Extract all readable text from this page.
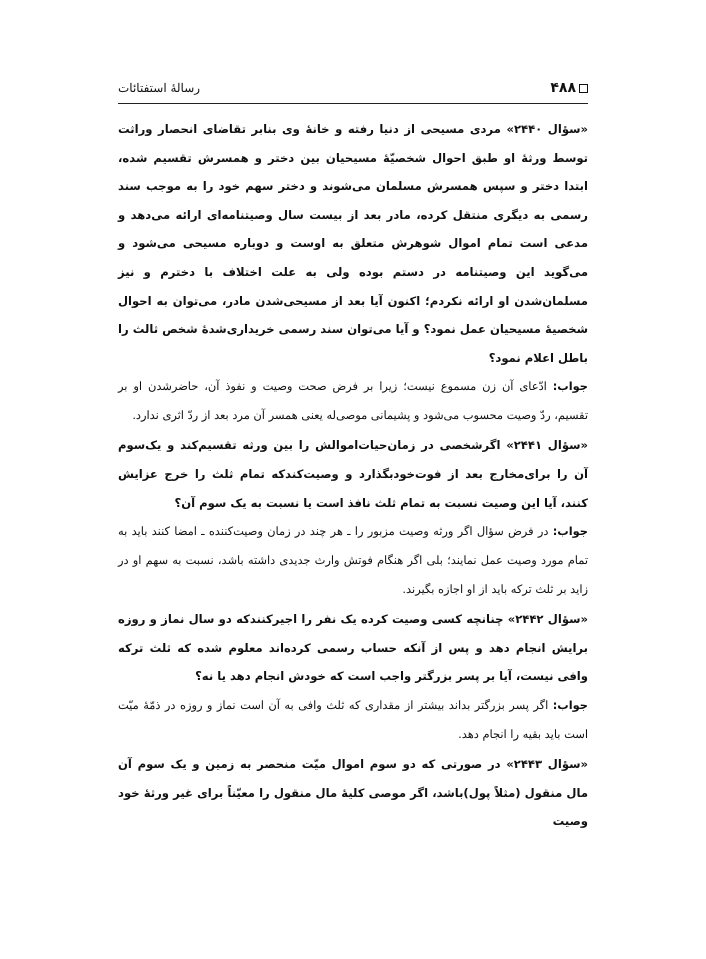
۴۸۸
رسالهٔ استفتائات

«سؤال ۲۴۴۰» مردی مسیحی از دنیا رفته و خانهٔ وی بنابر تقاضای انحصار وراثت توسط ورثهٔ او طبق احوال شخصیّهٔ مسیحیان بین دختر و همسرش تقسیم شده، ابتدا دختر و سپس همسرش مسلمان می‌شوند و دختر سهم خود را به موجب سند رسمی به دیگری منتقل کرده، مادر بعد از بیست سال وصیتنامه‌ای ارائه می‌دهد و مدعی است تمام اموال شوهرش متعلق به اوست و دوباره مسیحی می‌شود و می‌گوید این وصیتنامه در دستم بوده ولی به علت اختلاف با دخترم و نیز مسلمان‌شدن او ارائه نکردم؛ اکنون آیا بعد از مسیحی‌شدن مادر، می‌توان به احوال شخصیهٔ مسیحیان عمل نمود؟ و آیا می‌توان سند رسمی خریداری‌شدهٔ شخص ثالث را باطل اعلام نمود؟

جواب: ادّعای آن زن مسموع نیست؛ زیرا بر فرض صحت وصیت و نفوذ آن، حاضرشدن او بر تقسیم، ردّ وصیت محسوب می‌شود و پشیمانی موصی‌له یعنی همسر آن مرد بعد از ردّ اثری ندارد.

«سؤال ۲۴۴۱» اگرشخصی در زمان‌حیات‌اموالش را بین ورثه تقسیم‌کند و یک‌سوم آن را برای‌مخارج بعد از فوت‌خودبگذارد و وصیت‌کند‌که تمام ثلث را خرج عزایش کنند، آیا این وصیت نسبت به تمام ثلث نافذ است یا نسبت به یک سوم آن؟

جواب: در فرض سؤال اگر ورثه وصیت مزبور را ـ هر چند در زمان وصیت‌کننده ـ امضا کنند باید به تمام مورد وصیت عمل نمایند؛ بلی اگر هنگام فوتش وارث جدیدی داشته باشد، نسبت به سهم او در زاید بر ثلث ترکه باید از او اجازه بگیرند.

«سؤال ۲۴۴۲» چنانچه کسی وصیت کرده یک نفر را اجیر‌کنندکه دو سال نماز و روزه برایش انجام دهد و پس از آنکه حساب رسمی کرده‌اند معلوم شده که ثلث ترکه وافی نیست، آیا بر پسر بزرگتر واجب است که خودش انجام دهد یا نه؟

جواب: اگر پسر بزرگتر بداند بیشتر از مقداری که ثلث وافی به آن است نماز و روزه در ذمّهٔ میّت است باید بقیه را انجام دهد.

«سؤال ۲۴۴۳» در صورتی که دو سوم اموال میّت منحصر به زمین و یک سوم آن مال منقول (مثلاً پول)باشد، اگر موصی کلیهٔ مال منقول را معیّناً برای غیر ورثهٔ خود وصیت
